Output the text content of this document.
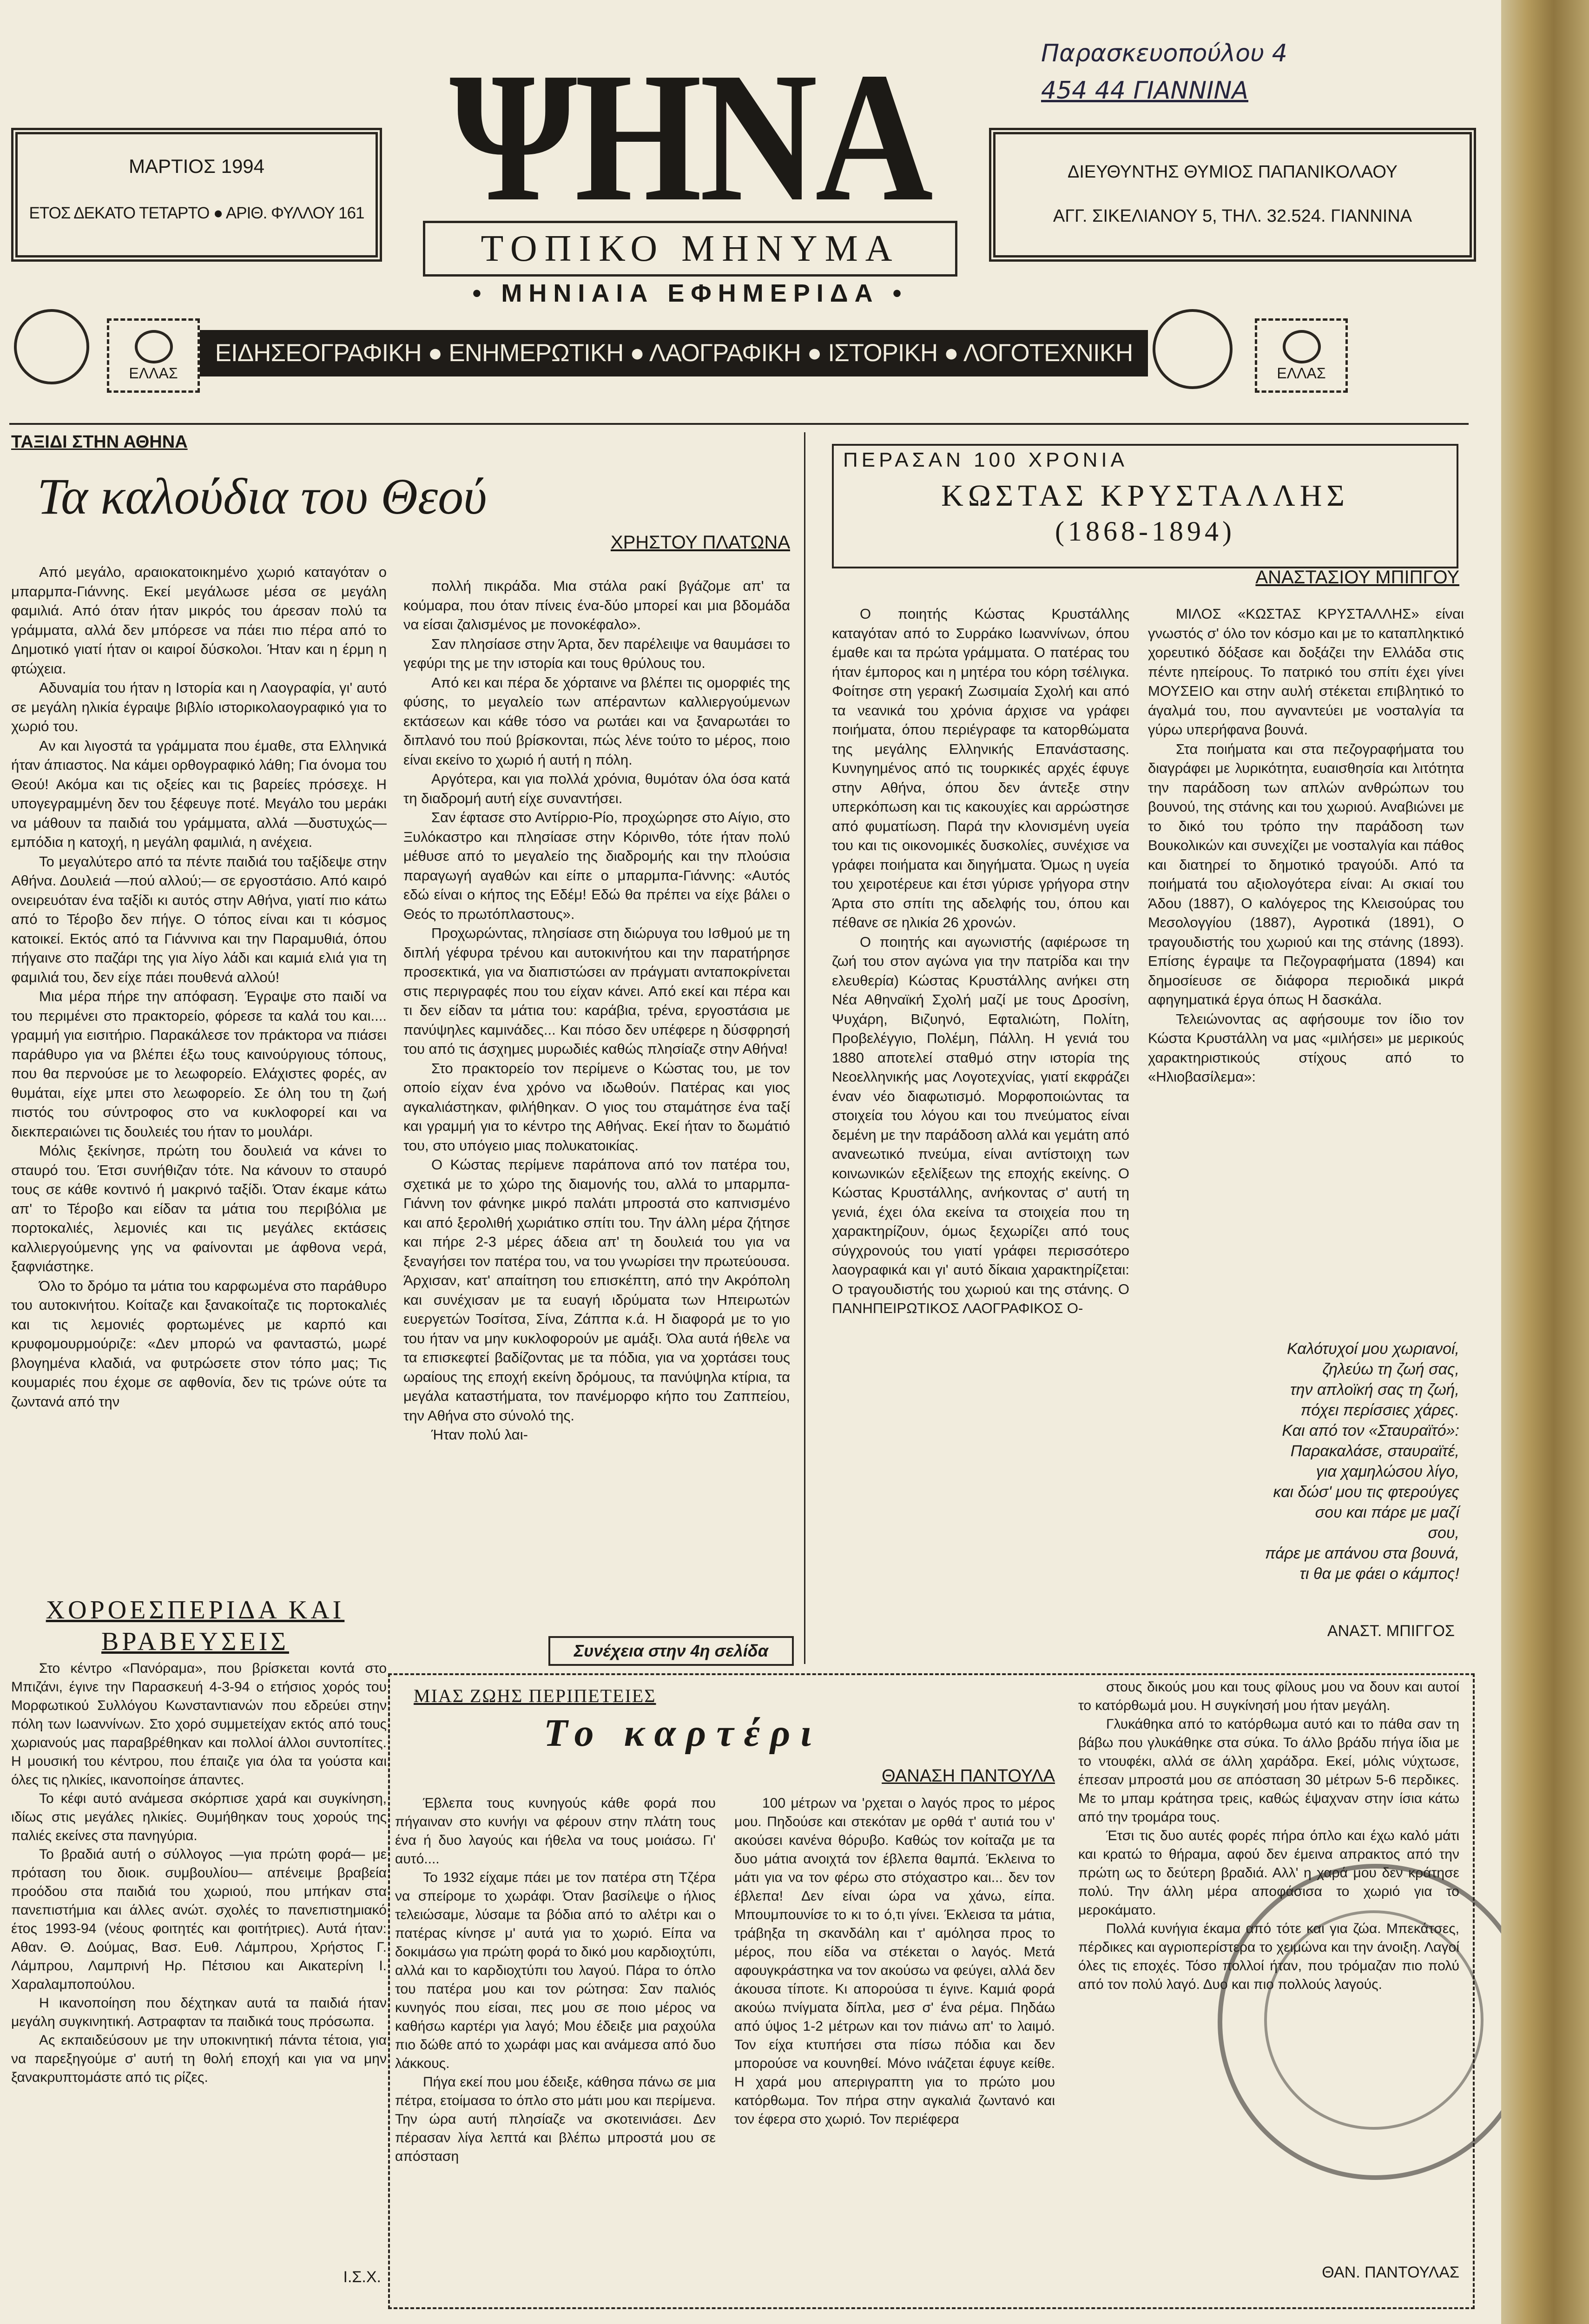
Παρασκευοπούλου 4
454 44 ΓΙΑΝΝΙΝΑ
ΨΗΝΑ
ΜΑΡΤΙΟΣ 1994
ΕΤΟΣ ΔΕΚΑΤΟ ΤΕΤΑΡΤΟ ● ΑΡΙΘ. ΦΥΛΛΟΥ 161
ΔΙΕΥΘΥΝΤΗΣ ΘΥΜΙΟΣ ΠΑΠΑΝΙΚΟΛΑΟΥ
ΑΓΓ. ΣΙΚΕΛΙΑΝΟΥ 5, ΤΗΛ. 32.524. ΓΙΑΝΝΙΝΑ
ΤΟΠΙΚΟ ΜΗΝΥΜΑ
• ΜΗΝΙΑΙΑ ΕΦΗΜΕΡΙΔΑ •
ΕΛΛΑΣ	ΕΛΛΑΣ
ΕΙΔΗΣΕΟΓΡΑΦΙΚΗ ● ΕΝΗΜΕΡΩΤΙΚΗ ● ΛΑΟΓΡΑΦΙΚΗ ● ΙΣΤΟΡΙΚΗ ● ΛΟΓΟΤΕΧΝΙΚΗ
ΤΑΞΙΔΙ ΣΤΗΝ ΑΘΗΝΑ
Τα καλούδια του Θεού
ΧΡΗΣΤΟΥ ΠΛΑΤΩΝΑ

Από μεγάλο, αραιοκατοικημένο χωριό καταγόταν ο μπαρμπα-Γιάννης. Εκεί μεγάλωσε μέσα σε μεγάλη φαμιλιά. Από όταν ήταν μικρός του άρεσαν πολύ τα γράμματα, αλλά δεν μπόρεσε να πάει πιο πέρα από το Δημοτικό γιατί ήταν οι καιροί δύσκολοι. Ήταν και η έρμη η φτώχεια.

Αδυναμία του ήταν η Ιστορία και η Λαογραφία, γι' αυτό σε μεγάλη ηλικία έγραψε βιβλίο ιστορικολαογραφικό για το χωριό του.

Αν και λιγοστά τα γράμματα που έμαθε, στα Ελληνικά ήταν άπιαστος. Να κάμει ορθογραφικό λάθη; Για όνομα του Θεού! Ακόμα και τις οξείες και τις βαρείες πρόσεχε. Η υπογεγραμμένη δεν του ξέφευγε ποτέ. Μεγάλο του μεράκι να μάθουν τα παιδιά του γράμματα, αλλά —δυστυχώς— εμπόδια η κατοχή, η μεγάλη φαμιλιά, η ανέχεια.

Το μεγαλύτερο από τα πέντε παιδιά του ταξίδεψε στην Αθήνα. Δουλειά —πού αλλού;— σε εργοστάσιο. Από καιρό ονειρευόταν ένα ταξίδι κι αυτός στην Αθήνα, γιατί πιο κάτω από το Τέροβο δεν πήγε. Ο τόπος είναι και τι κόσμος κατοικεί. Εκτός από τα Γιάννινα και την Παραμυθιά, όπου πήγαινε στο παζάρι της για λίγο λάδι και καμιά ελιά για τη φαμιλιά του, δεν είχε πάει πουθενά αλλού!

Μια μέρα πήρε την απόφαση. Έγραψε στο παιδί να του περιμένει στο πρακτορείο, φόρεσε τα καλά του και.... γραμμή για εισιτήριο. Παρακάλεσε τον πράκτορα να πιάσει παράθυρο για να βλέπει έξω τους καινούργιους τόπους, που θα περνούσε με το λεωφορείο. Ελάχιστες φορές, αν θυμάται, είχε μπει στο λεωφορείο. Σε όλη του τη ζωή πιστός του σύντροφος στο να κυκλοφορεί και να διεκπεραιώνει τις δουλειές του ήταν το μουλάρι.

Μόλις ξεκίνησε, πρώτη του δουλειά να κάνει το σταυρό του. Έτσι συνήθιζαν τότε. Να κάνουν το σταυρό τους σε κάθε κοντινό ή μακρινό ταξίδι. Όταν έκαμε κάτω απ' το Τέροβο και είδαν τα μάτια του περιβόλια με πορτοκαλιές, λεμονιές και τις μεγάλες εκτάσεις καλλιεργούμενης γης να φαίνονται με άφθονα νερά, ξαφνιάστηκε.

Όλο το δρόμο τα μάτια του καρφωμένα στο παράθυρο του αυτοκινήτου. Κοίταζε και ξανακοίταζε τις πορτοκαλιές και τις λεμονιές φορτωμένες με καρπό και κρυφομουρμούριζε: «Δεν μπορώ να φανταστώ, μωρέ βλογημένα κλαδιά, να φυτρώσετε στον τόπο μας; Τις κουμαριές που έχομε σε αφθονία, δεν τις τρώνε ούτε τα ζωντανά από την

πολλή πικράδα. Μια στάλα ρακί βγάζομε απ' τα κούμαρα, που όταν πίνεις ένα-δύο μπορεί και μια βδομάδα να είσαι ζαλισμένος με πονοκέφαλο».

Σαν πλησίασε στην Άρτα, δεν παρέλειψε να θαυμάσει το γεφύρι της με την ιστορία και τους θρύλους του.

Από κει και πέρα δε χόρταινε να βλέπει τις ομορφιές της φύσης, το μεγαλείο των απέραντων καλλιεργούμενων εκτάσεων και κάθε τόσο να ρωτάει και να ξαναρωτάει το διπλανό του πού βρίσκονται, πώς λένε τούτο το μέρος, ποιο είναι εκείνο το χωριό ή αυτή η πόλη.

Αργότερα, και για πολλά χρόνια, θυμόταν όλα όσα κατά τη διαδρομή αυτή είχε συναντήσει.

Σαν έφτασε στο Αντίρριο-Ρίο, προχώρησε στο Αίγιο, στο Ξυλόκαστρο και πλησίασε στην Κόρινθο, τότε ήταν πολύ μέθυσε από το μεγαλείο της διαδρομής και την πλούσια παραγωγή αγαθών και είπε ο μπαρμπα-Γιάννης: «Αυτός εδώ είναι ο κήπος της Εδέμ! Εδώ θα πρέπει να είχε βάλει ο Θεός το πρωτόπλαστους».

Προχωρώντας, πλησίασε στη διώρυγα του Ισθμού με τη διπλή γέφυρα τρένου και αυτοκινήτου και την παρατήρησε προσεκτικά, για να διαπιστώσει αν πράγματι ανταποκρίνεται στις περιγραφές που του είχαν κάνει. Από εκεί και πέρα και τι δεν είδαν τα μάτια του: καράβια, τρένα, εργοστάσια με πανύψηλες καμινάδες... Και πόσο δεν υπέφερε η δύσφρησή του από τις άσχημες μυρωδιές καθώς πλησίαζε στην Αθήνα!

Στο πρακτορείο τον περίμενε ο Κώστας του, με τον οποίο είχαν ένα χρόνο να ιδωθούν. Πατέρας και γιος αγκαλιάστηκαν, φιλήθηκαν. Ο γιος του σταμάτησε ένα ταξί και γραμμή για το κέντρο της Αθήνας. Εκεί ήταν το δωμάτιό του, στο υπόγειο μιας πολυκατοικίας.

Ο Κώστας περίμενε παράπονα από τον πατέρα του, σχετικά με το χώρο της διαμονής του, αλλά το μπαρμπα-Γιάννη τον φάνηκε μικρό παλάτι μπροστά στο καπνισμένο και από ξερολιθή χωριάτικο σπίτι του. Την άλλη μέρα ζήτησε και πήρε 2-3 μέρες άδεια απ' τη δουλειά του για να ξεναγήσει τον πατέρα του, να του γνωρίσει την πρωτεύουσα. Άρχισαν, κατ' απαίτηση του επισκέπτη, από την Ακρόπολη και συνέχισαν με τα ευαγή ιδρύματα των Ηπειρωτών ευεργετών Τοσίτσα, Σίνα, Ζάππα κ.ά. Η διαφορά με το γιο του ήταν να μην κυκλοφορούν με αμάξι. Όλα αυτά ήθελε να τα επισκεφτεί βαδίζοντας με τα πόδια, για να χορτάσει τους ωραίους της εποχή εκείνη δρόμους, τα πανύψηλα κτίρια, τα μεγάλα καταστήματα, τον πανέμορφο κήπο του Ζαππείου, την Αθήνα στο σύνολό της.

Ήταν πολύ λαι-

Συνέχεια στην 4η σελίδα
ΠΕΡΑΣΑΝ 100 ΧΡΟΝΙΑ
ΚΩΣΤΑΣ ΚΡΥΣΤΑΛΛΗΣ
(1868-1894)
ΑΝΑΣΤΑΣΙΟΥ ΜΠΙΠΓΟΥ

Ο ποιητής Κώστας Κρυστάλλης καταγόταν από το Συρράκο Ιωαννίνων, όπου έμαθε και τα πρώτα γράμματα. Ο πατέρας του ήταν έμπορος και η μητέρα του κόρη τσέλιγκα. Φοίτησε στη γερακή Ζωσιμαία Σχολή και από τα νεανικά του χρόνια άρχισε να γράφει ποιήματα, όπου περιέγραφε τα κατορθώματα της μεγάλης Ελληνικής Επανάστασης. Κυνηγημένος από τις τουρκικές αρχές έφυγε στην Αθήνα, όπου δεν άντεξε στην υπερκόπωση και τις κακουχίες και αρρώστησε από φυματίωση. Παρά την κλονισμένη υγεία του και τις οικονομικές δυσκολίες, συνέχισε να γράφει ποιήματα και διηγήματα. Όμως η υγεία του χειροτέρευε και έτσι γύρισε γρήγορα στην Άρτα στο σπίτι της αδελφής του, όπου και πέθανε σε ηλικία 26 χρονών.

Ο ποιητής και αγωνιστής (αφιέρωσε τη ζωή του στον αγώνα για την πατρίδα και την ελευθερία) Κώστας Κρυστάλλης ανήκει στη Νέα Αθηναϊκή Σχολή μαζί με τους Δροσίνη, Ψυχάρη, Βιζυηνό, Εφταλιώτη, Πολίτη, Προβελέγγιο, Πολέμη, Πάλλη. Η γενιά του 1880 αποτελεί σταθμό στην ιστορία της Νεοελληνικής μας Λογοτεχνίας, γιατί εκφράζει έναν νέο διαφωτισμό. Μορφοποιώντας τα στοιχεία του λόγου και του πνεύματος είναι δεμένη με την παράδοση αλλά και γεμάτη από ανανεωτικό πνεύμα, είναι αντίστοιχη των κοινωνικών εξελίξεων της εποχής εκείνης. Ο Κώστας Κρυστάλλης, ανήκοντας σ' αυτή τη γενιά, έχει όλα εκείνα τα στοιχεία που τη χαρακτηρίζουν, όμως ξεχωρίζει από τους σύγχρονούς του γιατί γράφει περισσότερο λαογραφικά και γι' αυτό δίκαια χαρακτηρίζεται: Ο τραγουδιστής του χωριού και της στάνης. Ο ΠΑΝΗΠΕΙΡΩΤΙΚΟΣ ΛΑΟΓΡΑΦΙΚΟΣ Ο-

ΜΙΛΟΣ «ΚΩΣΤΑΣ ΚΡΥΣΤΑΛΛΗΣ» είναι γνωστός σ' όλο τον κόσμο και με το καταπληκτικό χορευτικό δόξασε και δοξάζει την Ελλάδα στις πέντε ηπείρους. Το πατρικό του σπίτι έχει γίνει ΜΟΥΣΕΙΟ και στην αυλή στέκεται επιβλητικό το άγαλμά του, που αγναντεύει με νοσταλγία τα γύρω υπερήφανα βουνά.

Στα ποιήματα και στα πεζογραφήματα του διαγράφει με λυρικότητα, ευαισθησία και λιτότητα την παράδοση των απλών ανθρώπων του βουνού, της στάνης και του χωριού. Αναβιώνει με το δικό του τρόπο την παράδοση των Βουκολικών και συνεχίζει με νοσταλγία και πάθος και διατηρεί το δημοτικό τραγούδι. Από τα ποιήματά του αξιολογότερα είναι: Αι σκιαί του Άδου (1887), Ο καλόγερος της Κλεισούρας του Μεσολογγίου (1887), Αγροτικά (1891), Ο τραγουδιστής του χωριού και της στάνης (1893). Επίσης έγραψε τα Πεζογραφήματα (1894) και δημοσίευσε σε διάφορα περιοδικά μικρά αφηγηματικά έργα όπως Η δασκάλα.

Τελειώνοντας ας αφήσουμε τον ίδιο τον Κώστα Κρυστάλλη να μας «μιλήσει» με μερικούς χαρακτηριστικούς στίχους από το «Ηλιοβασίλεμα»:

Καλότυχοί μου χωριανοί,

ζηλεύω τη ζωή σας,

την απλοϊκή σας τη ζωή,

πόχει περίσσιες χάρες.

Και από τον «Σταυραϊτό»:

Παρακαλάσε, σταυραϊτέ,

για χαμηλώσου λίγο,

και δώσ' μου τις φτερούγες

σου και πάρε με μαζί

σου,

πάρε με απάνου στα βουνά,

τι θα με φάει ο κάμπος!

ΑΝΑΣΤ. ΜΠΙΓΓΟΣ
ΧΟΡΟΕΣΠΕΡΙΔΑ ΚΑΙ ΒΡΑΒΕΥΣΕΙΣ

Στο κέντρο «Πανόραμα», που βρίσκεται κοντά στο Μπιζάνι, έγινε την Παρασκευή 4-3-94 ο ετήσιος χορός του Μορφωτικού Συλλόγου Κωνσταντιανών που εδρεύει στην πόλη των Ιωαννίνων. Στο χορό συμμετείχαν εκτός από τους χωριανούς μας παραβρέθηκαν και πολλοί άλλοι συντοπίτες. Η μουσική του κέντρου, που έπαιζε για όλα τα γούστα και όλες τις ηλικίες, ικανοποίησε άπαντες.

Το κέφι αυτό ανάμεσα σκόρπισε χαρά και συγκίνηση, ιδίως στις μεγάλες ηλικίες. Θυμήθηκαν τους χορούς της παλιές εκείνες στα πανηγύρια.

Το βραδιά αυτή ο σύλλογος —για πρώτη φορά— με πρόταση του διοικ. συμβουλίου— απένειμε βραβεία προόδου στα παιδιά του χωριού, που μπήκαν στα πανεπιστήμια και άλλες ανώτ. σχολές το πανεπιστημιακό έτος 1993-94 (νέους φοιτητές και φοιτήτριες). Αυτά ήταν: Αθαν. Θ. Δούμας, Βασ. Ευθ. Λάμπρου, Χρήστος Γ. Λάμπρου, Λαμπρινή Ηρ. Πέτσιου και Αικατερίνη Ι. Χαραλαμποπούλου.

Η ικανοποίηση που δέχτηκαν αυτά τα παιδιά ήταν μεγάλη συγκινητική. Αστραφταν τα παιδικά τους πρόσωπα.

Ας εκπαιδεύσουν με την υποκινητική πάντα τέτοια, για να παρεξηγούμε σ' αυτή τη θολή εποχή και για να μην ξανακρυπτομάστε από τις ρίζες.

Ι.Σ.Χ.
ΜΙΑΣ ΖΩΗΣ ΠΕΡΙΠΕΤΕΙΕΣ
Το καρτέρι
ΘΑΝΑΣΗ ΠΑΝΤΟΥΛΑ

Έβλεπα τους κυνηγούς κάθε φορά που πήγαιναν στο κυνήγι να φέρουν στην πλάτη τους ένα ή δυο λαγούς και ήθελα να τους μοιάσω. Γι' αυτό....

Το 1932 είχαμε πάει με τον πατέρα στη Τζέρα να σπείρομε το χωράφι. Όταν βασίλεψε ο ήλιος τελειώσαμε, λύσαμε τα βόδια από το αλέτρι και ο πατέρας κίνησε μ' αυτά για το χωριό. Είπα να δοκιμάσω για πρώτη φορά το δικό μου καρδιοχτύπι, αλλά και το καρδιοχτύπι του λαγού. Πάρα το όπλο του πατέρα μου και τον ρώτησα: Σαν παλιός κυνηγός που είσαι, πες μου σε ποιο μέρος να καθήσω καρτέρι για λαγό; Μου έδειξε μια ραχούλα πιο δώθε από το χωράφι μας και ανάμεσα από δυο λάκκους.

Πήγα εκεί που μου έδειξε, κάθησα πάνω σε μια πέτρα, ετοίμασα το όπλο στο μάτι μου και περίμενα. Την ώρα αυτή πλησίαζε να σκοτεινιάσει. Δεν πέρασαν λίγα λεπτά και βλέπω μπροστά μου σε απόσταση

100 μέτρων να 'ρχεται ο λαγός προς το μέρος μου. Πηδούσε και στεκόταν με ορθά τ' αυτιά του ν' ακούσει κανένα θόρυβο. Καθώς τον κοίταζα με τα δυο μάτια ανοιχτά τον έβλεπα θαμπά. Έκλεινα το μάτι για να τον φέρω στο στόχαστρο και... δεν τον έβλεπα! Δεν είναι ώρα να χάνω, είπα. Μπουμπουνίσε το κι το ό,τι γίνει. Έκλεισα τα μάτια, τράβηξα τη σκανδάλη και τ' αμόλησα προς το μέρος, που είδα να στέκεται ο λαγός. Μετά αφουγκράστηκα να τον ακούσω να φεύγει, αλλά δεν άκουσα τίποτε. Κι απορούσα τι έγινε. Καμιά φορά ακούω πνίγματα δίπλα, μεσ σ' ένα ρέμα. Πηδάω από ύψος 1-2 μέτρων και τον πιάνω απ' το λαιμό. Τον είχα κτυπήσει στα πίσω πόδια και δεν μπορούσε να κουνηθεί. Μόνο ινάζεται έφυγε κείθε. Η χαρά μου απεριγραπτη για το πρώτο μου κατόρθωμα. Τον πήρα στην αγκαλιά ζωντανό και τον έφερα στο χωριό. Τον περιέφερα

στους δικούς μου και τους φίλους μου να δουν και αυτοί το κατόρθωμά μου. Η συγκίνησή μου ήταν μεγάλη.

Γλυκάθηκα από το κατόρθωμα αυτό και το πάθα σαν τη βάβω που γλυκάθηκε στα σύκα. Το άλλο βράδυ πήγα ίδια με το ντουφέκι, αλλά σε άλλη χαράδρα. Εκεί, μόλις νύχτωσε, έπεσαν μπροστά μου σε απόσταση 30 μέτρων 5-6 περδικες. Με το μπαμ κράτησα τρεις, καθώς έψαχναν στην ίσια κάτω από την τρομάρα τους.

Έτσι τις δυο αυτές φορές πήρα όπλο και έχω καλό μάτι και κρατώ το θήραμα, αφού δεν έμεινα απρακτος από την πρώτη ως το δεύτερη βραδιά. Αλλ' η χαρά μου δεν κράτησε πολύ. Την άλλη μέρα αποφάσισα το χωριό για το μεροκάματο.

Πολλά κυνήγια έκαμα από τότε και για ζώα. Μπεκάτσες, πέρδικες και αγριοπερίστερα το χειμώνα και την άνοιξη. Λαγοί όλες τις εποχές. Τόσο πολλοί ήταν, που τρόμαζαν πιο πολύ από τον πολύ λαγό. Δυο και πιο πολλούς λαγούς.

ΘΑΝ. ΠΑΝΤΟΥΛΑΣ
